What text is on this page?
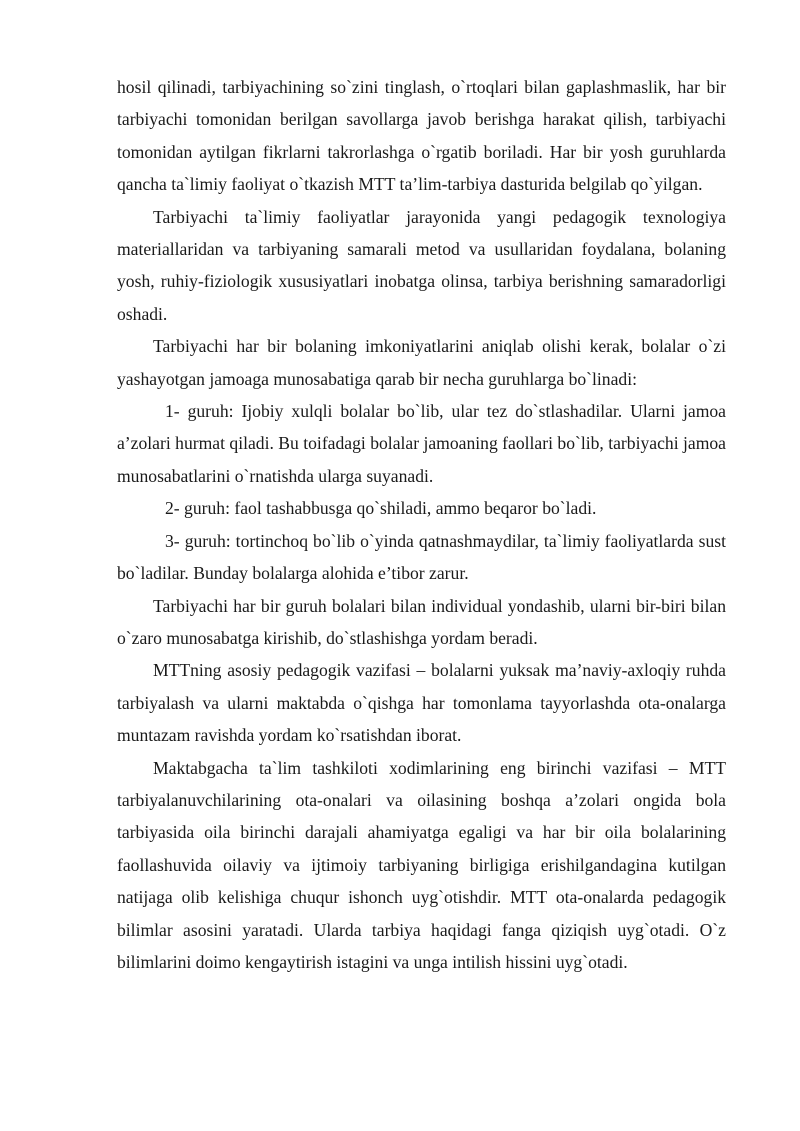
hosil qilinadi, tarbiyachining so`zini tinglash, o`rtoqlari bilan gaplashmaslik, har bir tarbiyachi tomonidan berilgan savollarga javob berishga harakat qilish, tarbiyachi tomonidan aytilgan fikrlarni takrorlashga o`rgatib boriladi. Har bir yosh guruhlarda qancha ta`limiy faoliyat o`tkazish MTT ta’lim-tarbiya dasturida belgilab qo`yilgan.

Tarbiyachi ta`limiy faoliyatlar jarayonida yangi pedagogik texnologiya materiallaridan va tarbiyaning samarali metod va usullaridan foydalana, bolaning yosh, ruhiy-fiziologik xususiyatlari inobatga olinsa, tarbiya berishning samaradorligi oshadi.

Tarbiyachi har bir bolaning imkoniyatlarini aniqlab olishi kerak, bolalar o`zi yashayotgan jamoaga munosabatiga qarab bir necha guruhlarga bo`linadi:

1- guruh: Ijobiy xulqli bolalar bo`lib, ular tez do`stlashadilar. Ularni jamoa a’zolari hurmat qiladi. Bu toifadagi bolalar jamoaning faollari bo`lib, tarbiyachi jamoa munosabatlarini o`rnatishda ularga suyanadi.

2- guruh: faol tashabbusga qo`shiladi, ammo beqaror bo`ladi.

3- guruh: tortinchoq bo`lib o`yinda qatnashmaydilar, ta`limiy faoliyatlarda sust bo`ladilar. Bunday bolalarga alohida e’tibor zarur.

Tarbiyachi har bir guruh bolalari bilan individual yondashib, ularni bir-biri bilan o`zaro munosabatga kirishib, do`stlashishga yordam beradi.

MTTning asosiy pedagogik vazifasi – bolalarni yuksak ma’naviy-axloqiy ruhda tarbiyalash va ularni maktabda o`qishga har tomonlama tayyorlashda ota-onalarga muntazam ravishda yordam ko`rsatishdan iborat.

Maktabgacha ta`lim tashkiloti xodimlarining eng birinchi vazifasi – MTT tarbiyalanuvchilarining ota-onalari va oilasining boshqa a’zolari ongida bola tarbiyasida oila birinchi darajali ahamiyatga egaligi va har bir oila bolalarining faollashuvida oilaviy va ijtimoiy tarbiyaning birligiga erishilgandagina kutilgan natijaga olib kelishiga chuqur ishonch uyg`otishdir. MTT ota-onalarda pedagogik bilimlar asosini yaratadi. Ularda tarbiya haqidagi fanga qiziqish uyg`otadi. O`z bilimlarini doimo kengaytirish istagini va unga intilish hissini uyg`otadi.
